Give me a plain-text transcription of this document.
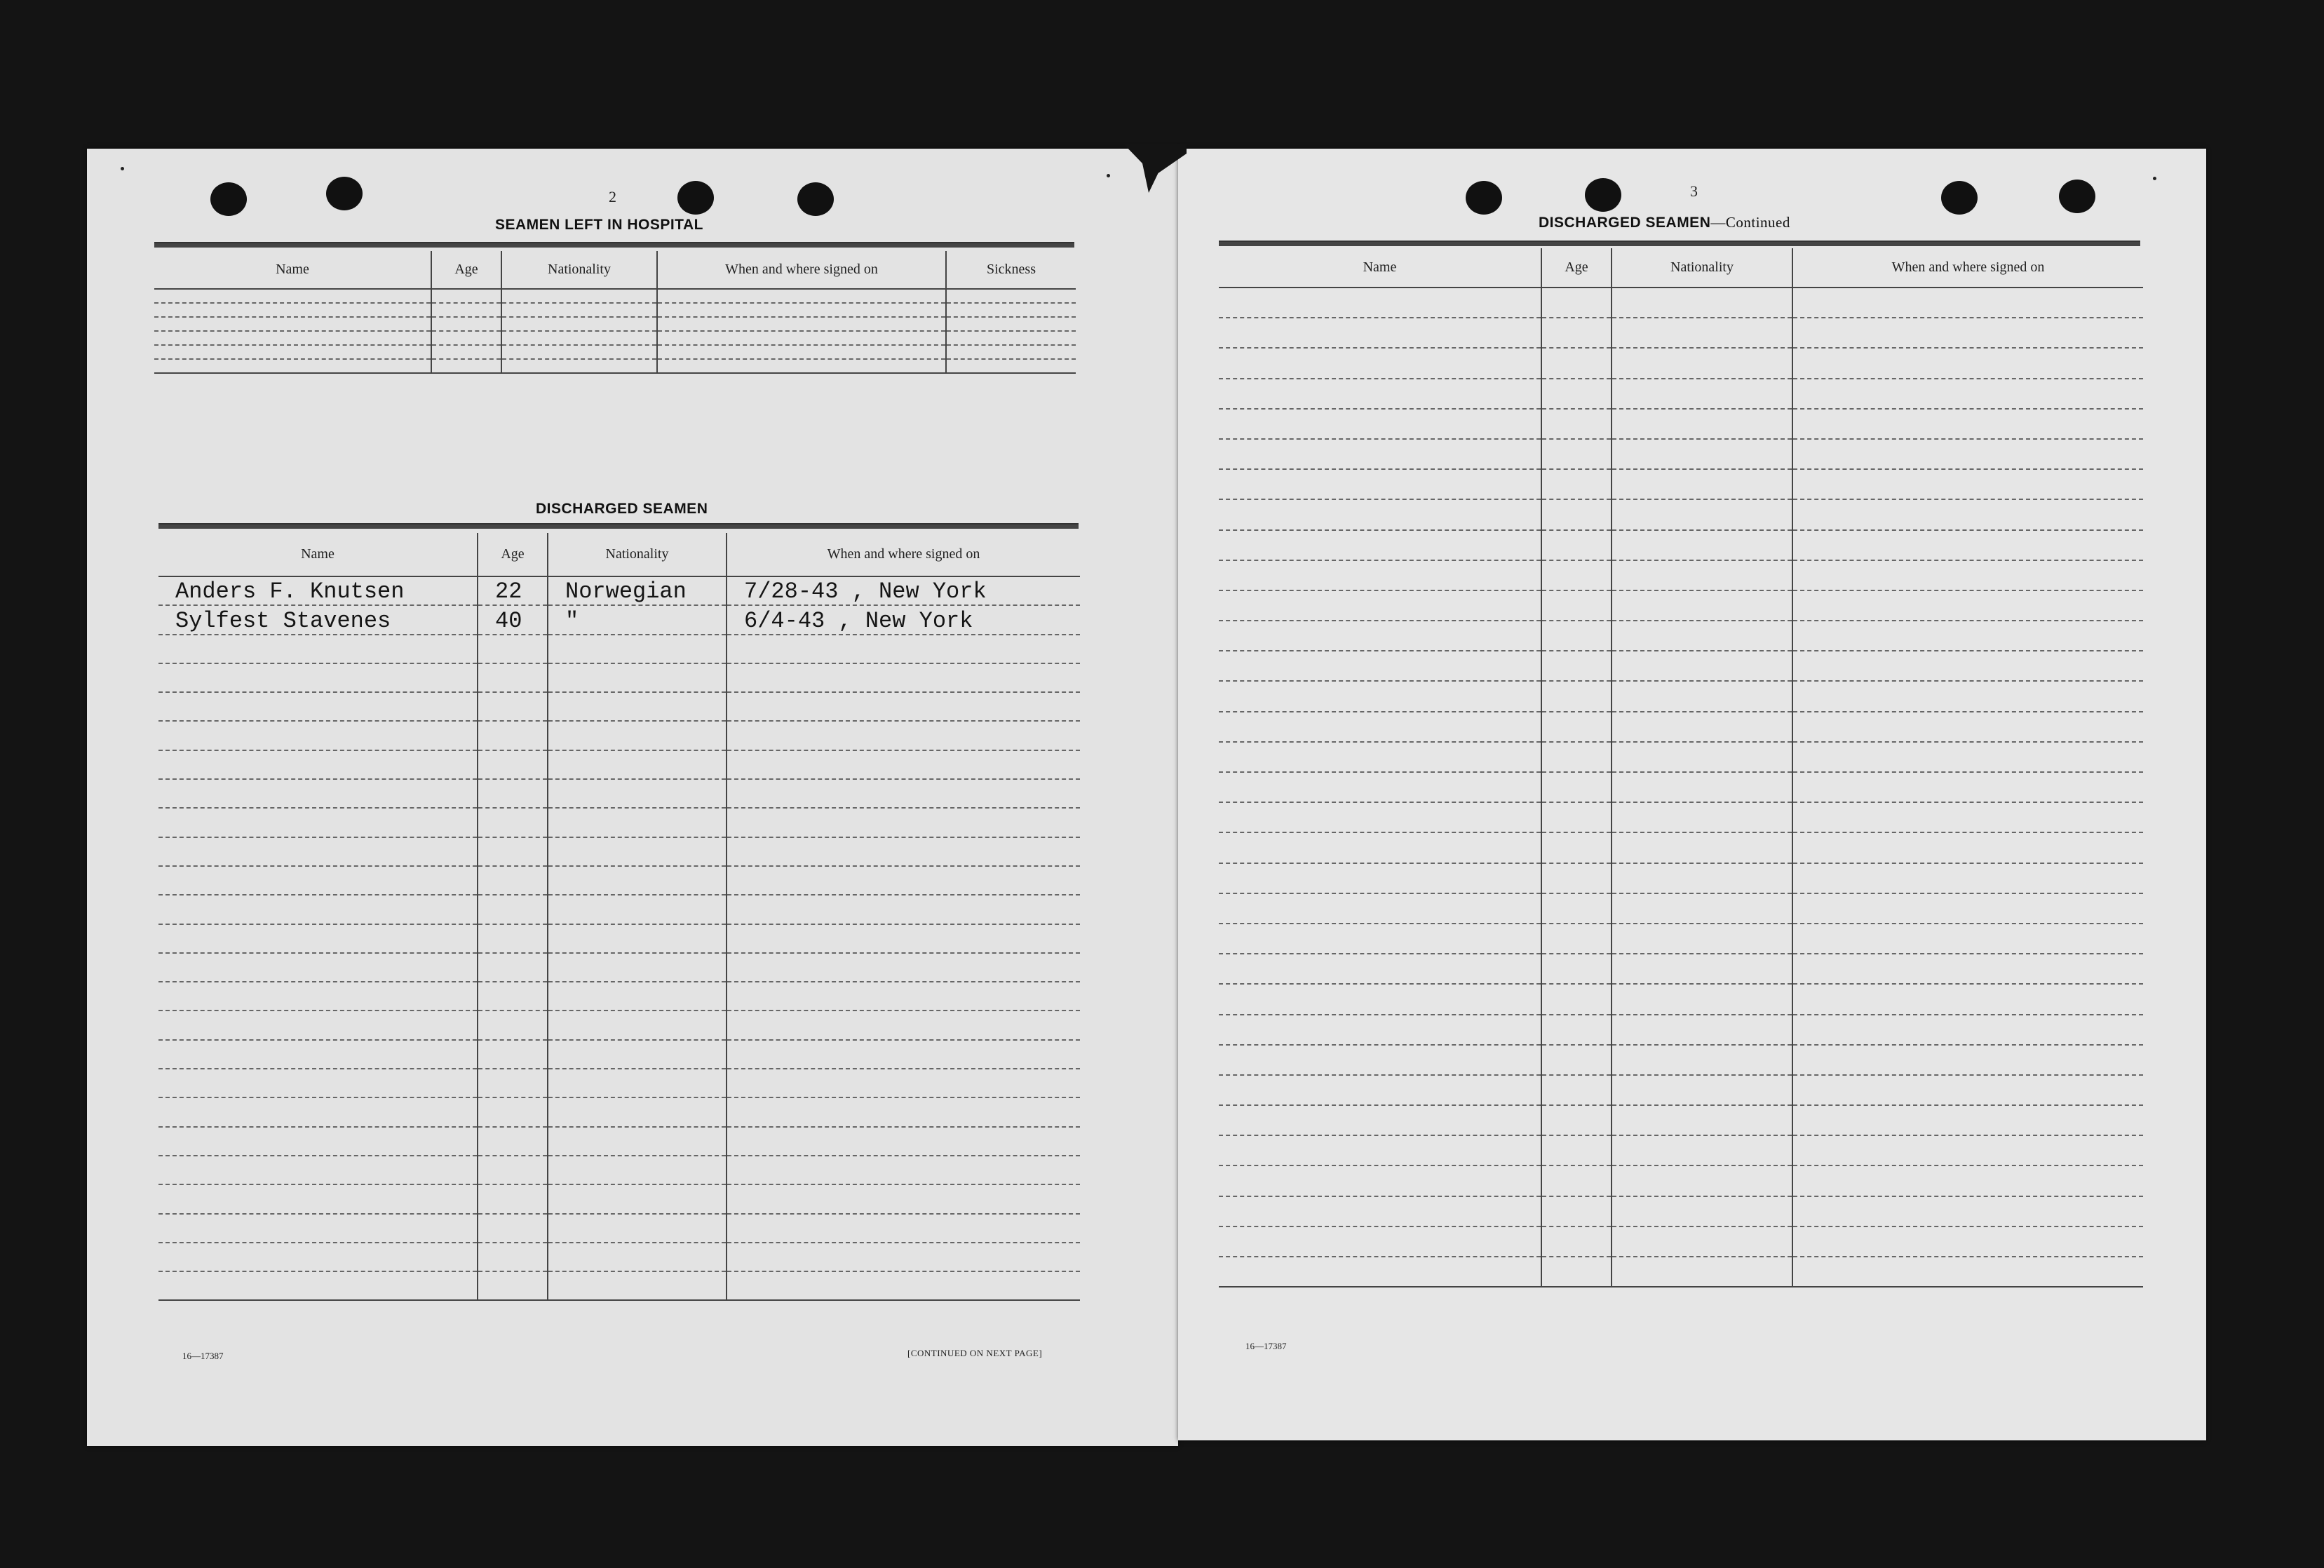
2
SEAMEN LEFT IN HOSPITAL
Name	Age	Nationality	When and where signed on	Sickness

DISCHARGED SEAMEN
Name	Age	Nationality	When and where signed on
Anders F. Knutsen	22	Norwegian	7/28-43 , New York
Sylfest Stavenes	40	"	6/4-43 , New York

16—17387	[CONTINUED ON NEXT PAGE]
3
DISCHARGED SEAMEN—Continued
Name	Age	Nationality	When and where signed on

16—17387
